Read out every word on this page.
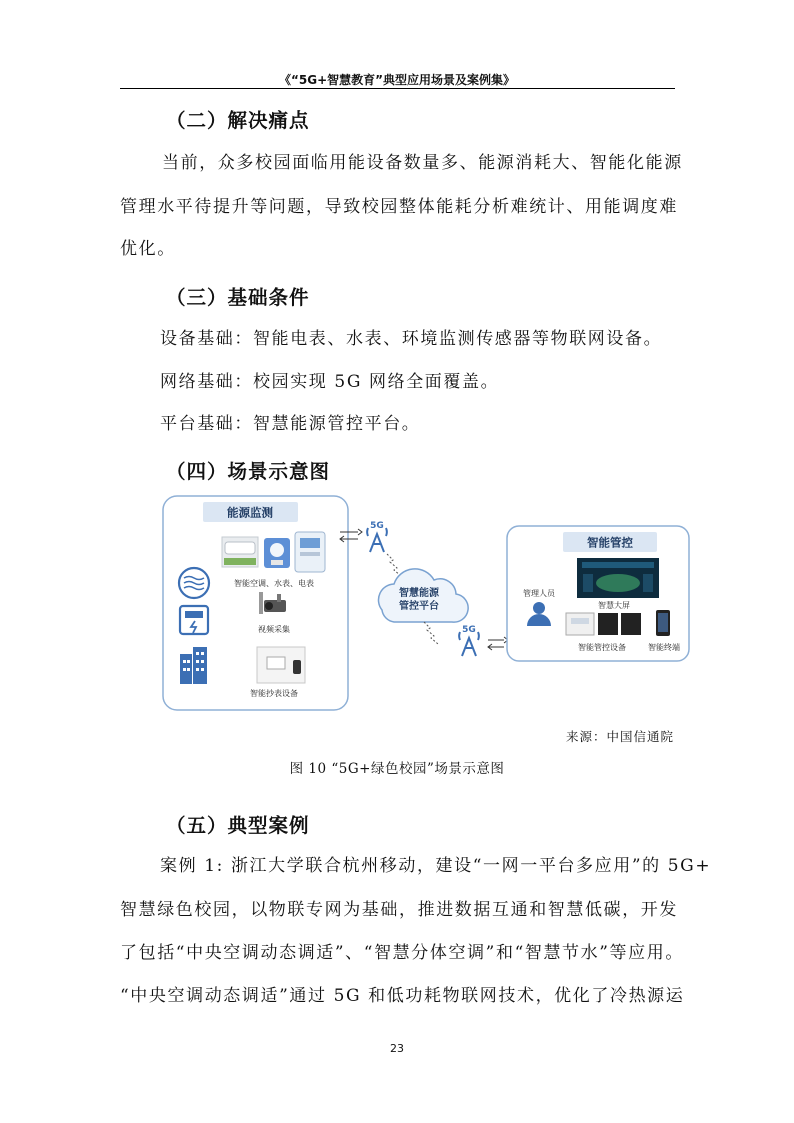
《“5G+智慧教育”典型应用场景及案例集》
（二）解决痛点
当前，众多校园面临用能设备数量多、能源消耗大、智能化能源
管理水平待提升等问题，导致校园整体能耗分析难统计、用能调度难
优化。
（三）基础条件
设备基础：智能电表、水表、环境监测传感器等物联网设备。
网络基础：校园实现 5G 网络全面覆盖。
平台基础：智慧能源管控平台。
（四）场景示意图
能源监测
智能空调、水表、电表
视频采集
智能抄表设备
5G
智慧能源
管控平台
5G
智能管控
管理人员
智慧大屏
智能管控设备	智能终端
来源：中国信通院
图 10 “5G+绿色校园”场景示意图
（五）典型案例
案例 1: 浙江大学联合杭州移动，建设“一网一平台多应用”的 5G+
智慧绿色校园，以物联专网为基础，推进数据互通和智慧低碳，开发
了包括“中央空调动态调适”、“智慧分体空调”和“智慧节水”等应用。
“中央空调动态调适”通过 5G 和低功耗物联网技术，优化了冷热源运
23
